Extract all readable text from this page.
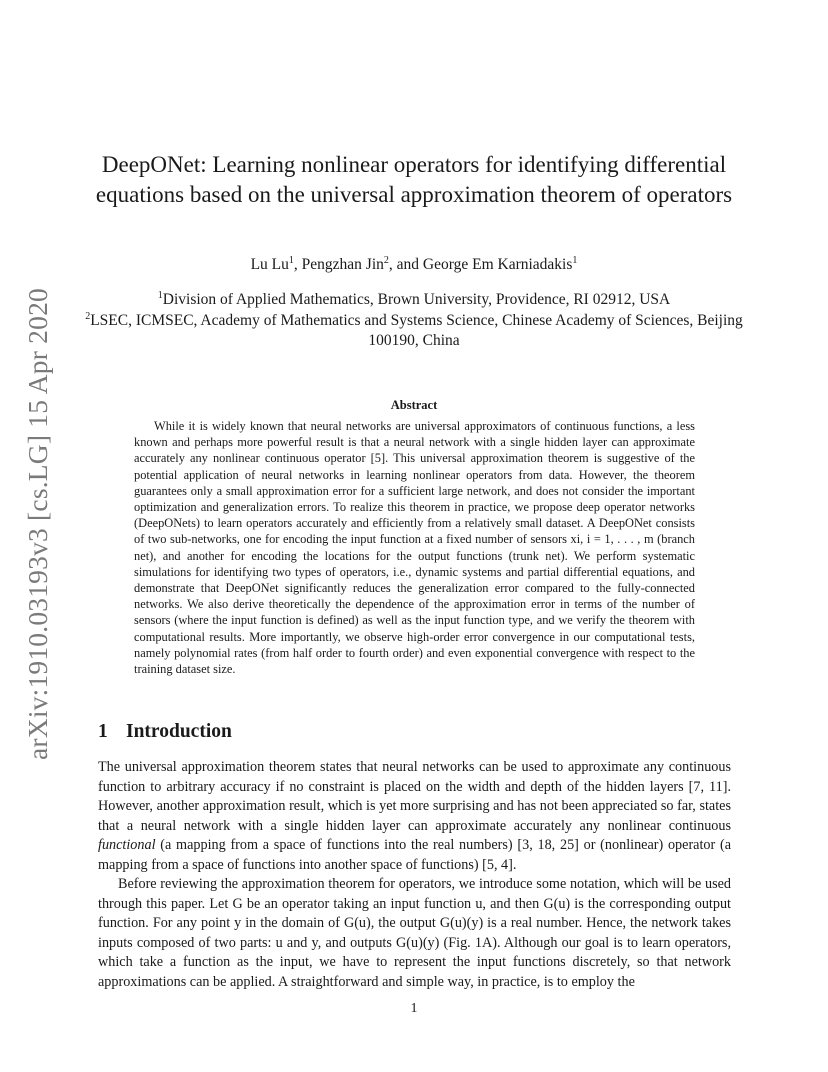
arXiv:1910.03193v3 [cs.LG] 15 Apr 2020
DeepONet: Learning nonlinear operators for identifying differential equations based on the universal approximation theorem of operators
Lu Lu$^1$, Pengzhan Jin$^2$, and George Em Karniadakis$^1$
$^1$Division of Applied Mathematics, Brown University, Providence, RI 02912, USA
$^2$LSEC, ICMSEC, Academy of Mathematics and Systems Science, Chinese Academy of Sciences, Beijing 100190, China
Abstract

While it is widely known that neural networks are universal approximators of continuous functions, a less known and perhaps more powerful result is that a neural network with a single hidden layer can approximate accurately any nonlinear continuous operator [5]. This universal approximation theorem is suggestive of the potential application of neural networks in learning nonlinear operators from data. However, the theorem guarantees only a small approximation error for a sufficient large network, and does not consider the important optimization and generalization errors. To realize this theorem in practice, we propose deep operator networks (DeepONets) to learn operators accurately and efficiently from a relatively small dataset. A DeepONet consists of two sub-networks, one for encoding the input function at a fixed number of sensors xi, i = 1, . . . , m (branch net), and another for encoding the locations for the output functions (trunk net). We perform systematic simulations for identifying two types of operators, i.e., dynamic systems and partial differential equations, and demonstrate that DeepONet significantly reduces the generalization error compared to the fully-connected networks. We also derive theoretically the dependence of the approximation error in terms of the number of sensors (where the input function is defined) as well as the input function type, and we verify the theorem with computational results. More importantly, we observe high-order error convergence in our computational tests, namely polynomial rates (from half order to fourth order) and even exponential convergence with respect to the training dataset size.

1 Introduction

The universal approximation theorem states that neural networks can be used to approximate any continuous function to arbitrary accuracy if no constraint is placed on the width and depth of the hidden layers [7, 11]. However, another approximation result, which is yet more surprising and has not been appreciated so far, states that a neural network with a single hidden layer can approximate accurately any nonlinear continuous functional (a mapping from a space of functions into the real numbers) [3, 18, 25] or (nonlinear) operator (a mapping from a space of functions into another space of functions) [5, 4].

Before reviewing the approximation theorem for operators, we introduce some notation, which will be used through this paper. Let G be an operator taking an input function u, and then G(u) is the corresponding output function. For any point y in the domain of G(u), the output G(u)(y) is a real number. Hence, the network takes inputs composed of two parts: u and y, and outputs G(u)(y) (Fig. 1A). Although our goal is to learn operators, which take a function as the input, we have to represent the input functions discretely, so that network approximations can be applied. A straightforward and simple way, in practice, is to employ the

1
